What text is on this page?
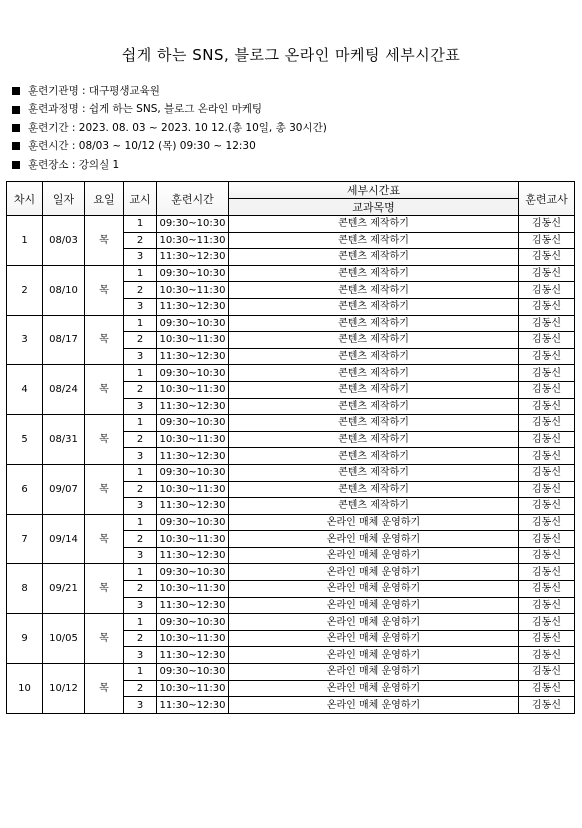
쉽게 하는 SNS, 블로그 온라인 마케팅 세부시간표
훈련기관명 : 대구평생교육원
훈련과정명 : 쉽게 하는 SNS, 블로그 온라인 마케팅
훈련기간 : 2023. 08. 03 ~ 2023. 10 12.(총 10일, 총 30시간)
훈련시간 : 08/03 ~ 10/12 (목) 09:30 ~ 12:30
훈련장소 : 강의실 1
차시	일자	요일	교시	훈련시간	세부시간표	훈련교사
					교과목명	
1	08/03	목	1	09:30~10:30	콘텐츠 제작하기	김동신
			2	10:30~11:30	콘텐츠 제작하기	김동신
			3	11:30~12:30	콘텐츠 제작하기	김동신
2	08/10	목	1	09:30~10:30	콘텐츠 제작하기	김동신
			2	10:30~11:30	콘텐츠 제작하기	김동신
			3	11:30~12:30	콘텐츠 제작하기	김동신
3	08/17	목	1	09:30~10:30	콘텐츠 제작하기	김동신
			2	10:30~11:30	콘텐츠 제작하기	김동신
			3	11:30~12:30	콘텐츠 제작하기	김동신
4	08/24	목	1	09:30~10:30	콘텐츠 제작하기	김동신
			2	10:30~11:30	콘텐츠 제작하기	김동신
			3	11:30~12:30	콘텐츠 제작하기	김동신
5	08/31	목	1	09:30~10:30	콘텐츠 제작하기	김동신
			2	10:30~11:30	콘텐츠 제작하기	김동신
			3	11:30~12:30	콘텐츠 제작하기	김동신
6	09/07	목	1	09:30~10:30	콘텐츠 제작하기	김동신
			2	10:30~11:30	콘텐츠 제작하기	김동신
			3	11:30~12:30	콘텐츠 제작하기	김동신
7	09/14	목	1	09:30~10:30	온라인 매체 운영하기	김동신
			2	10:30~11:30	온라인 매체 운영하기	김동신
			3	11:30~12:30	온라인 매체 운영하기	김동신
8	09/21	목	1	09:30~10:30	온라인 매체 운영하기	김동신
			2	10:30~11:30	온라인 매체 운영하기	김동신
			3	11:30~12:30	온라인 매체 운영하기	김동신
9	10/05	목	1	09:30~10:30	온라인 매체 운영하기	김동신
			2	10:30~11:30	온라인 매체 운영하기	김동신
			3	11:30~12:30	온라인 매체 운영하기	김동신
10	10/12	목	1	09:30~10:30	온라인 매체 운영하기	김동신
			2	10:30~11:30	온라인 매체 운영하기	김동신
			3	11:30~12:30	온라인 매체 운영하기	김동신
